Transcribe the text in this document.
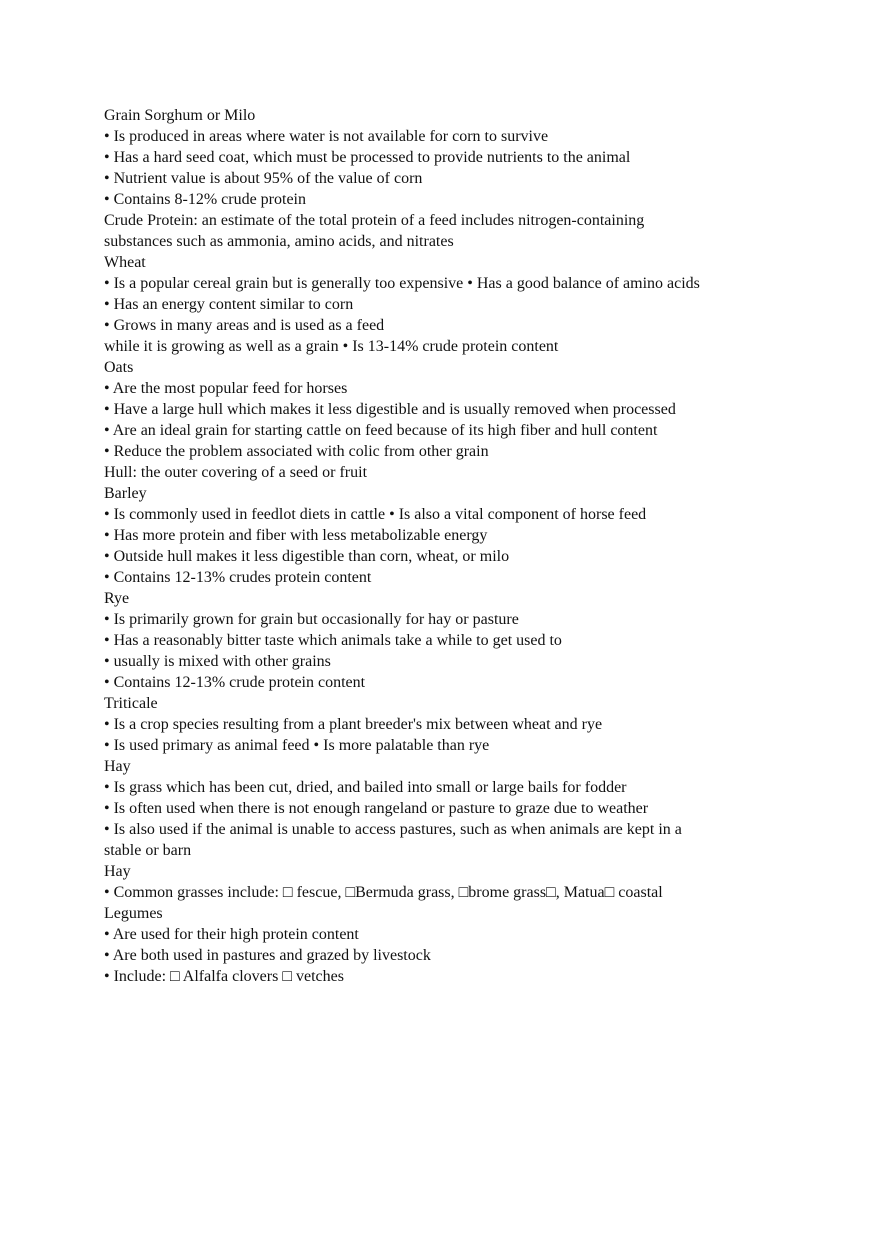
Grain Sorghum or Milo
• Is produced in areas where water is not available for corn to survive
• Has a hard seed coat, which must be processed to provide nutrients to the animal
• Nutrient value is about 95% of the value of corn
• Contains 8-12% crude protein
Crude Protein: an estimate of the total protein of a feed includes nitrogen-containing
substances such as ammonia, amino acids, and nitrates
Wheat
• Is a popular cereal grain but is generally too expensive • Has a good balance of amino acids
• Has an energy content similar to corn
• Grows in many areas and is used as a feed
while it is growing as well as a grain • Is 13-14% crude protein content
Oats
• Are the most popular feed for horses
• Have a large hull which makes it less digestible and is usually removed when processed
• Are an ideal grain for starting cattle on feed because of its high fiber and hull content
• Reduce the problem associated with colic from other grain
Hull: the outer covering of a seed or fruit
Barley
• Is commonly used in feedlot diets in cattle • Is also a vital component of horse feed
• Has more protein and fiber with less metabolizable energy
• Outside hull makes it less digestible than corn, wheat, or milo
• Contains 12-13% crudes protein content
Rye
• Is primarily grown for grain but occasionally for hay or pasture
• Has a reasonably bitter taste which animals take a while to get used to
• usually is mixed with other grains
• Contains 12-13% crude protein content
Triticale
• Is a crop species resulting from a plant breeder's mix between wheat and rye
• Is used primary as animal feed • Is more palatable than rye
Hay
• Is grass which has been cut, dried, and bailed into small or large bails for fodder
• Is often used when there is not enough rangeland or pasture to graze due to weather
• Is also used if the animal is unable to access pastures, such as when animals are kept in a
stable or barn
Hay
• Common grasses include: □ fescue, □Bermuda grass, □brome grass□, Matua□ coastal
Legumes
• Are used for their high protein content
• Are both used in pastures and grazed by livestock
• Include: □ Alfalfa clovers □ vetches
